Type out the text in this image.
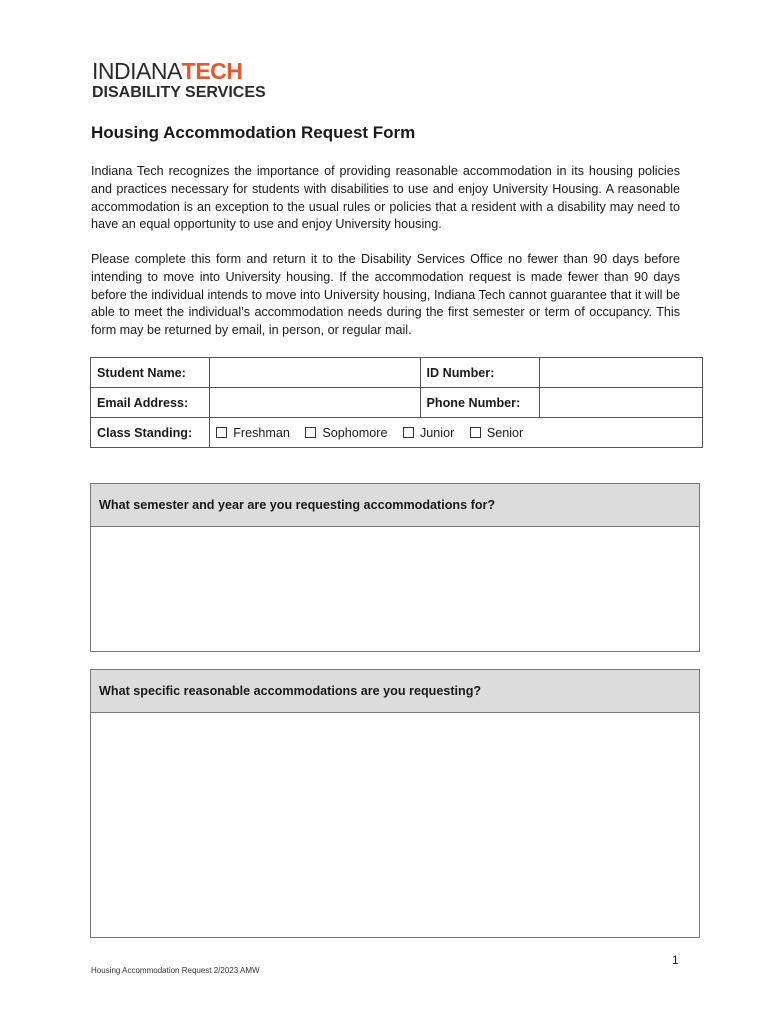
INDIANATECH
DISABILITY SERVICES
Housing Accommodation Request Form

Indiana Tech recognizes the importance of providing reasonable accommodation in its housing policies and practices necessary for students with disabilities to use and enjoy University Housing. A reasonable accommodation is an exception to the usual rules or policies that a resident with a disability may need to have an equal opportunity to use and enjoy University housing.

Please complete this form and return it to the Disability Services Office no fewer than 90 days before intending to move into University housing. If the accommodation request is made fewer than 90 days before the individual intends to move into University housing, Indiana Tech cannot guarantee that it will be able to meet the individual’s accommodation needs during the first semester or term of occupancy. This form may be returned by email, in person, or regular mail.

Student Name:		ID Number:	
Email Address:		Phone Number:	
Class Standing:	Freshman Sophomore Junior Senior		
What semester and year are you requesting accommodations for?
What specific reasonable accommodations are you requesting?
1
Housing Accommodation Request 2/2023 AMW
